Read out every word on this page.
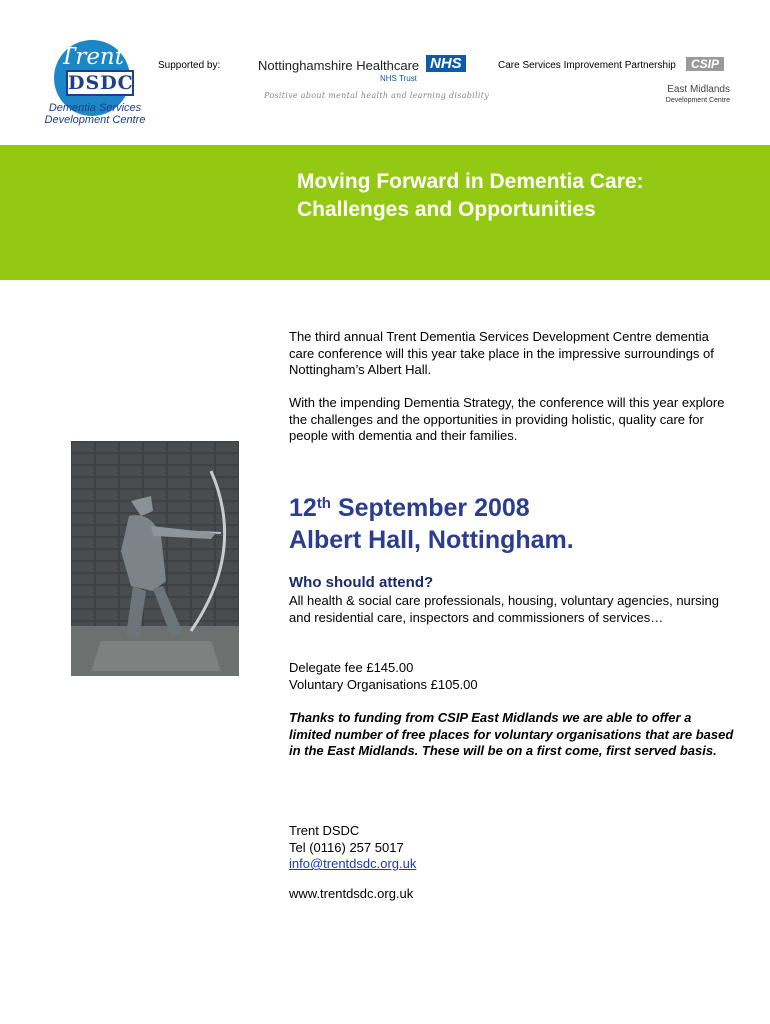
Trent
DSDC
Dementia Services
Development Centre
Supported by:	Nottinghamshire Healthcare NHS
NHS Trust
Positive about mental health and learning disability
Care Services Improvement Partnership	CSIP
East Midlands
Development Centre
Moving Forward in Dementia Care:
Challenges and Opportunities
The third annual Trent Dementia Services Development Centre dementia care conference will this year take place in the impressive surroundings of Nottingham’s Albert Hall.
With the impending Dementia Strategy, the conference will this year explore the challenges and the opportunities in providing holistic, quality care for people with dementia and their families.
12th September 2008
Albert Hall, Nottingham.
Who should attend?
All health & social care professionals, housing, voluntary agencies, nursing and residential care, inspectors and commissioners of services…
Delegate fee £145.00
Voluntary Organisations £105.00
Thanks to funding from CSIP East Midlands we are able to offer a limited number of free places for voluntary organisations that are based in the East Midlands. These will be on a first come, first served basis.
Trent DSDC
Tel (0116) 257 5017
info@trentdsdc.org.uk
www.trentdsdc.org.uk
